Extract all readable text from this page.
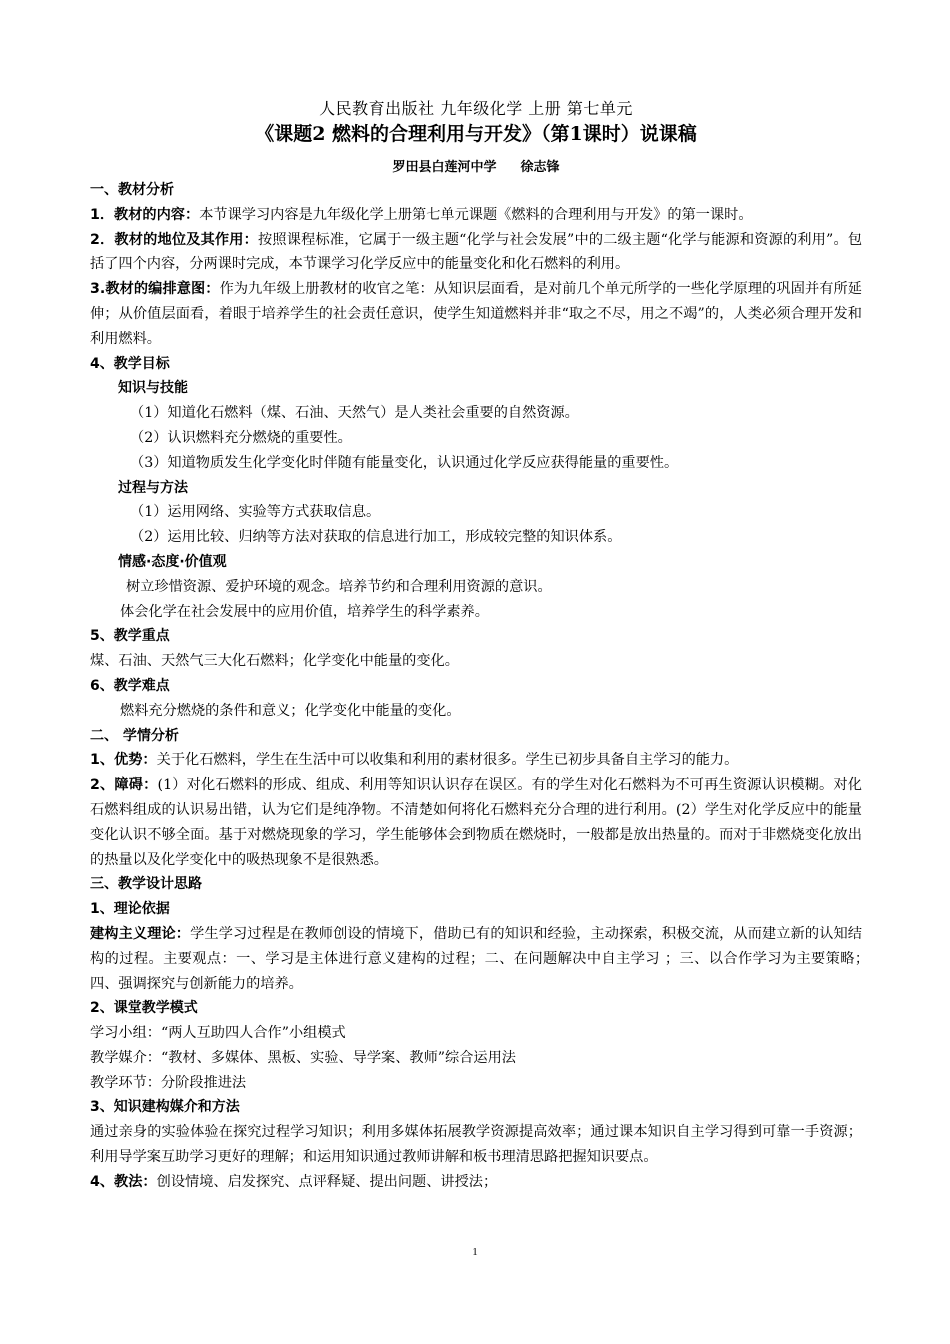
人民教育出版社 九年级化学 上册 第七单元
《课题2 燃料的合理利用与开发》（第1课时）说课稿
罗田县白莲河中学 徐志锋

一、教材分析

1．教材的内容：本节课学习内容是九年级化学上册第七单元课题《燃料的合理利用与开发》的第一课时。

2．教材的地位及其作用：按照课程标准，它属于一级主题“化学与社会发展”中的二级主题“化学与能源和资源的利用”。包括了四个内容，分两课时完成，本节课学习化学反应中的能量变化和化石燃料的利用。

3.教材的编排意图：作为九年级上册教材的收官之笔：从知识层面看，是对前几个单元所学的一些化学原理的巩固并有所延伸；从价值层面看，着眼于培养学生的社会责任意识，使学生知道燃料并非“取之不尽，用之不竭”的，人类必须合理开发和利用燃料。

4、教学目标

知识与技能

（1）知道化石燃料（煤、石油、天然气）是人类社会重要的自然资源。

（2）认识燃料充分燃烧的重要性。

（3）知道物质发生化学变化时伴随有能量变化，认识通过化学反应获得能量的重要性。

过程与方法

（1）运用网络、实验等方式获取信息。

（2）运用比较、归纳等方法对获取的信息进行加工，形成较完整的知识体系。

情感·态度·价值观

树立珍惜资源、爱护环境的观念。培养节约和合理利用资源的意识。

体会化学在社会发展中的应用价值，培养学生的科学素养。

5、教学重点

煤、石油、天然气三大化石燃料；化学变化中能量的变化。

6、教学难点

燃料充分燃烧的条件和意义；化学变化中能量的变化。

二、 学情分析

1、优势：关于化石燃料，学生在生活中可以收集和利用的素材很多。学生已初步具备自主学习的能力。

2、障碍：(1）对化石燃料的形成、组成、利用等知识认识存在误区。有的学生对化石燃料为不可再生资源认识模糊。对化石燃料组成的认识易出错，认为它们是纯净物。不清楚如何将化石燃料充分合理的进行利用。(2）学生对化学反应中的能量变化认识不够全面。基于对燃烧现象的学习，学生能够体会到物质在燃烧时，一般都是放出热量的。而对于非燃烧变化放出的热量以及化学变化中的吸热现象不是很熟悉。

三、教学设计思路

1、理论依据

建构主义理论：学生学习过程是在教师创设的情境下，借助已有的知识和经验，主动探索，积极交流，从而建立新的认知结构的过程。主要观点：一、学习是主体进行意义建构的过程；二、在问题解决中自主学习 ；三、以合作学习为主要策略；　四、强调探究与创新能力的培养。

2、课堂教学模式

学习小组：“两人互助四人合作”小组模式

教学媒介：“教材、多媒体、黑板、实验、导学案、教师”综合运用法

教学环节：分阶段推进法

3、知识建构媒介和方法

通过亲身的实验体验在探究过程学习知识；利用多媒体拓展教学资源提高效率；通过课本知识自主学习得到可靠一手资源；利用导学案互助学习更好的理解；和运用知识通过教师讲解和板书理清思路把握知识要点。

4、教法：创设情境、启发探究、点评释疑、提出问题、讲授法；

1
